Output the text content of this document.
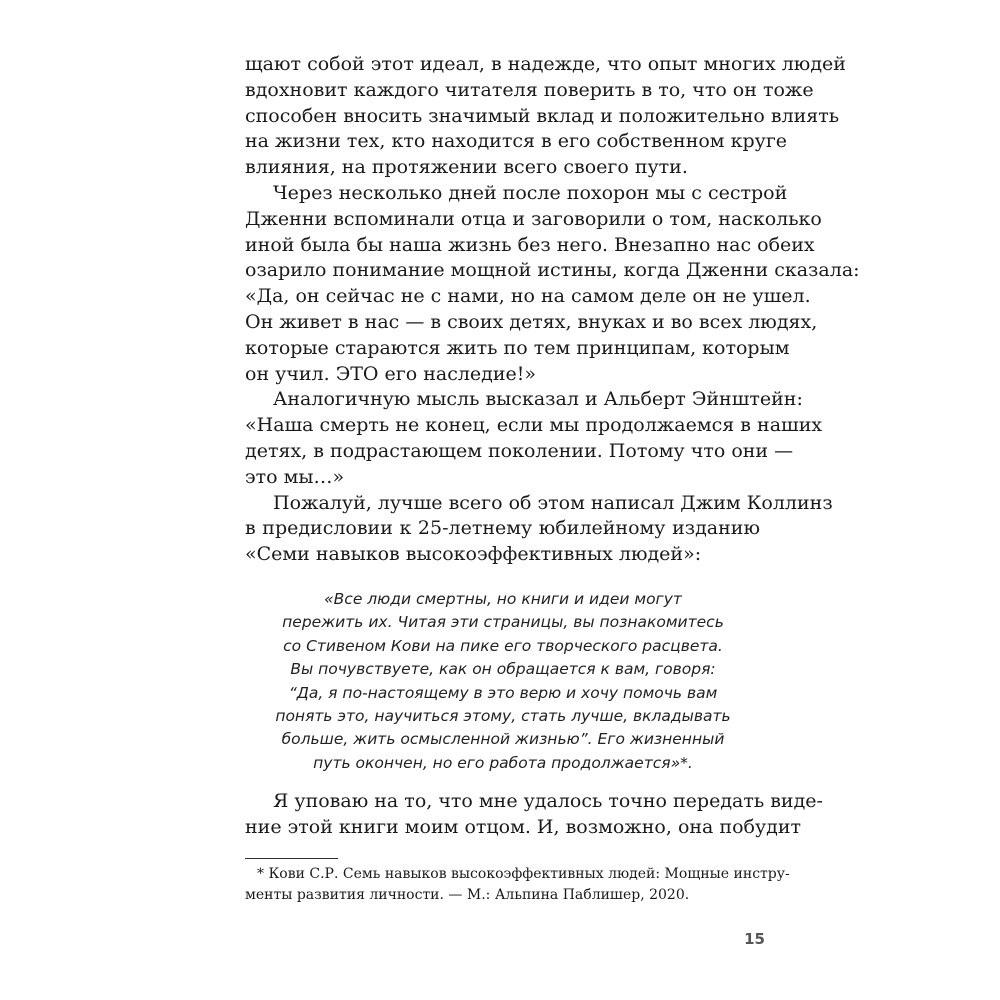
щают собой этот идеал, в надежде, что опыт многих людей
вдохновит каждого читателя поверить в то, что он тоже
способен вносить значимый вклад и положительно влиять
на жизни тех, кто находится в его собственном круге
влияния, на протяжении всего своего пути.

Через несколько дней после похорон мы с сестрой
Дженни вспоминали отца и заговорили о том, насколько
иной была бы наша жизнь без него. Внезапно нас обеих
озарило понимание мощной истины, когда Дженни сказала:
«Да, он сейчас не с нами, но на самом деле он не ушел.
Он живет в нас — в своих детях, внуках и во всех людях,
которые стараются жить по тем принципам, которым
он учил. ЭТО его наследие!»

Аналогичную мысль высказал и Альберт Эйнштейн:
«Наша смерть не конец, если мы продолжаемся в наших
детях, в подрастающем поколении. Потому что они —
это мы…»

Пожалуй, лучше всего об этом написал Джим Коллинз
в предисловии к 25-летнему юбилейному изданию
«Семи навыков высокоэффективных людей»:

«Все люди смертны, но книги и идеи могут
пережить их. Читая эти страницы, вы познакомитесь
со Стивеном Кови на пике его творческого расцвета.
Вы почувствуете, как он обращается к вам, говоря:
“Да, я по-настоящему в это верю и хочу помочь вам
понять это, научиться этому, стать лучше, вкладывать
больше, жить осмысленной жизнью”. Его жизненный
путь окончен, но его работа продолжается»*.

Я уповаю на то, что мне удалось точно передать виде-
ние этой книги моим отцом. И, возможно, она побудит

* Кови С.Р. Семь навыков высокоэффективных людей: Мощные инстру-
менты развития личности. — М.: Альпина Паблишер, 2020.
15
